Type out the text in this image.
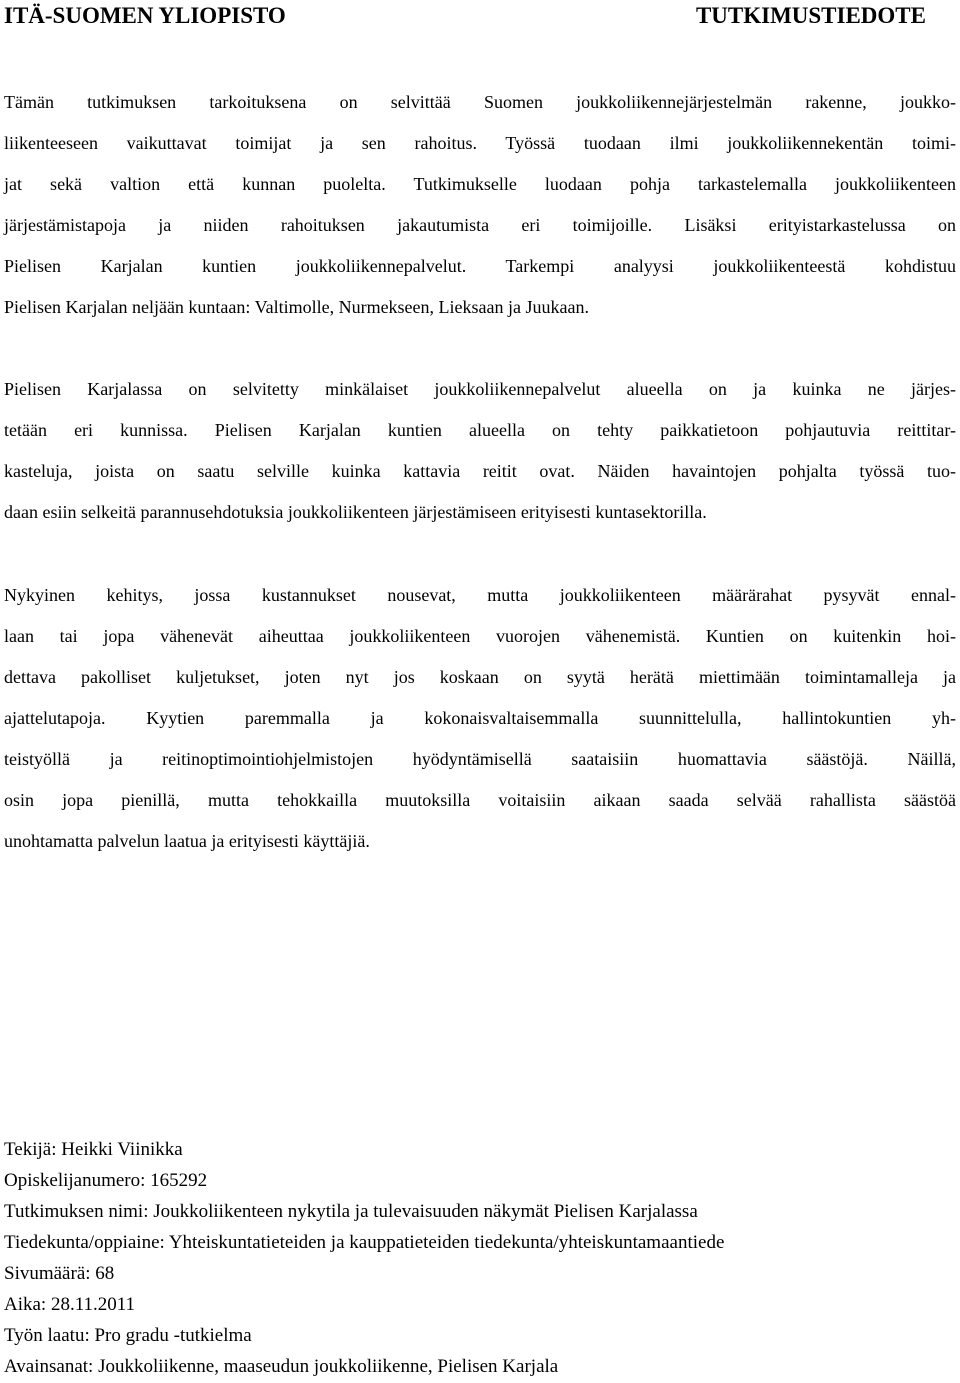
ITÄ-SUOMEN YLIOPISTO	TUTKIMUSTIEDOTE
Tämän tutkimuksen tarkoituksena on selvittää Suomen joukkoliikennejärjestelmän rakenne, joukko-
liikenteeseen vaikuttavat toimijat ja sen rahoitus. Työssä tuodaan ilmi joukkoliikennekentän toimi-
jat sekä valtion että kunnan puolelta. Tutkimukselle luodaan pohja tarkastelemalla joukkoliikenteen
järjestämistapoja ja niiden rahoituksen jakautumista eri toimijoille. Lisäksi erityistarkastelussa on
Pielisen Karjalan kuntien joukkoliikennepalvelut. Tarkempi analyysi joukkoliikenteestä kohdistuu
Pielisen Karjalan neljään kuntaan: Valtimolle, Nurmekseen, Lieksaan ja Juukaan.
Pielisen Karjalassa on selvitetty minkälaiset joukkoliikennepalvelut alueella on ja kuinka ne järjes-
tetään eri kunnissa. Pielisen Karjalan kuntien alueella on tehty paikkatietoon pohjautuvia reittitar-
kasteluja, joista on saatu selville kuinka kattavia reitit ovat. Näiden havaintojen pohjalta työssä tuo-
daan esiin selkeitä parannusehdotuksia joukkoliikenteen järjestämiseen erityisesti kuntasektorilla.
Nykyinen kehitys, jossa kustannukset nousevat, mutta joukkoliikenteen määrärahat pysyvät ennal-
laan tai jopa vähenevät aiheuttaa joukkoliikenteen vuorojen vähenemistä. Kuntien on kuitenkin hoi-
dettava pakolliset kuljetukset, joten nyt jos koskaan on syytä herätä miettimään toimintamalleja ja
ajattelutapoja. Kyytien paremmalla ja kokonaisvaltaisemmalla suunnittelulla, hallintokuntien yh-
teistyöllä ja reitinoptimointiohjelmistojen hyödyntämisellä saataisiin huomattavia säästöjä. Näillä,
osin jopa pienillä, mutta tehokkailla muutoksilla voitaisiin aikaan saada selvää rahallista säästöä
unohtamatta palvelun laatua ja erityisesti käyttäjiä.
Tekijä: Heikki Viinikka
Opiskelijanumero: 165292
Tutkimuksen nimi: Joukkoliikenteen nykytila ja tulevaisuuden näkymät Pielisen Karjalassa
Tiedekunta/oppiaine: Yhteiskuntatieteiden ja kauppatieteiden tiedekunta/yhteiskuntamaantiede
Sivumäärä: 68
Aika: 28.11.2011
Työn laatu: Pro gradu -tutkielma
Avainsanat: Joukkoliikenne, maaseudun joukkoliikenne, Pielisen Karjala
